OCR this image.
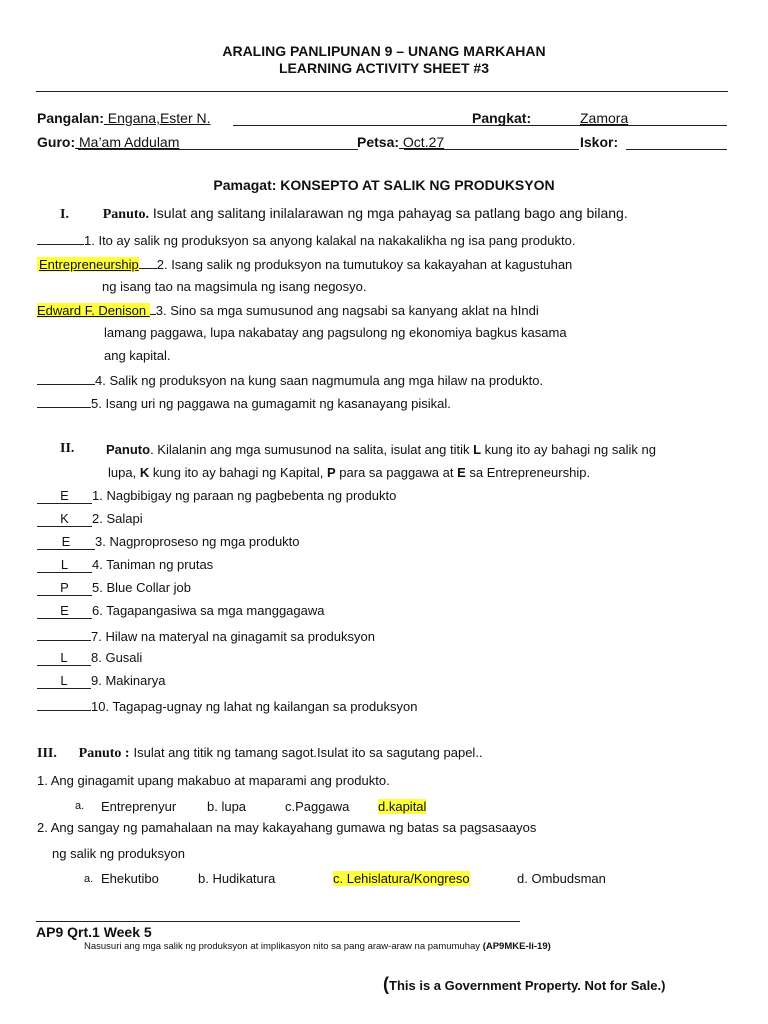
ARALING PANLIPUNAN 9 – UNANG MARKAHAN
LEARNING ACTIVITY SHEET #3
Pangalan: Engana,Ester N.	Pangkat:	Zamora
Guro: Ma’am Addulam	Petsa: Oct.27	Iskor:
Pamagat: KONSEPTO AT SALIK NG PRODUKSYON
I. Panuto. Isulat ang salitang inilalarawan ng mga pahayag sa patlang bago ang bilang.
1. Ito ay salik ng produksyon sa anyong kalakal na nakakalikha ng isa pang produkto.
Entrepreneurship 2. Isang salik ng produksyon na tumutukoy sa kakayahan at kagustuhan
ng isang tao na magsimula ng isang negosyo.
Edward F. Denison 3. Sino sa mga sumusunod ang nagsabi sa kanyang aklat na hIndi
lamang paggawa, lupa nakabatay ang pagsulong ng ekonomiya bagkus kasama
ang kapital.
4. Salik ng produksyon na kung saan nagmumula ang mga hilaw na produkto.
5. Isang uri ng paggawa na gumagamit ng kasanayang pisikal.
II. Panuto. Kilalanin ang mga sumusunod na salita, isulat ang titik L kung ito ay bahagi ng salik ng
lupa, K kung ito ay bahagi ng Kapital, P para sa paggawa at E sa Entrepreneurship.
E 1. Nagbibigay ng paraan ng pagbebenta ng produkto
K 2. Salapi
E 3. Nagproproseso ng mga produkto
L 4. Taniman ng prutas
P 5. Blue Collar job
E 6. Tagapangasiwa sa mga manggagawa
7. Hilaw na materyal na ginagamit sa produksyon
L 8. Gusali
L 9. Makinarya
10. Tagapag-ugnay ng lahat ng kailangan sa produksyon
III. Panuto : Isulat ang titik ng tamang sagot.Isulat ito sa sagutang papel..
1. Ang ginagamit upang makabuo at maparami ang produkto.
a. Entreprenyur b. lupa	c.Paggawa d.kapital
2. Ang sangay ng pamahalaan na may kakayahang gumawa ng batas sa pagsasaayos
ng salik ng produksyon
a. Ehekutibo	b. Hudikatura	c. Lehislatura/Kongreso	d. Ombudsman
AP9 Qrt.1 Week 5
Nasusuri ang mga salik ng produksyon at implikasyon nito sa pang araw-araw na pamumuhay (AP9MKE-Ii-19)
(This is a Government Property. Not for Sale.)
